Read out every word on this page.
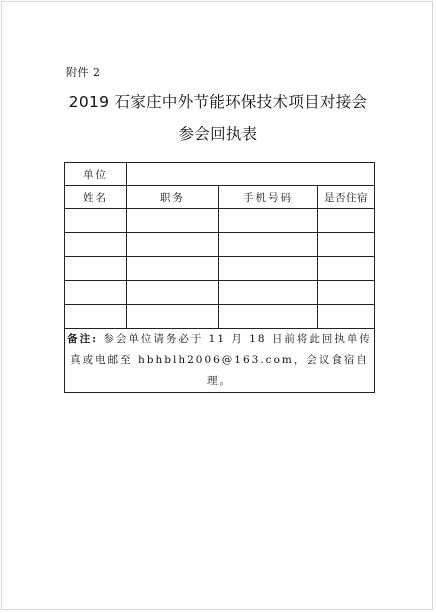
附件 2
2019 石家庄中外节能环保技术项目对接会
参会回执表
单位			
姓名	职务	手机号码	是否住宿

备注: 参会单位请务必于 11 月 18 日前将此回执单传真或电邮至 hbhblh2006@163.com，会议食宿自理。			
